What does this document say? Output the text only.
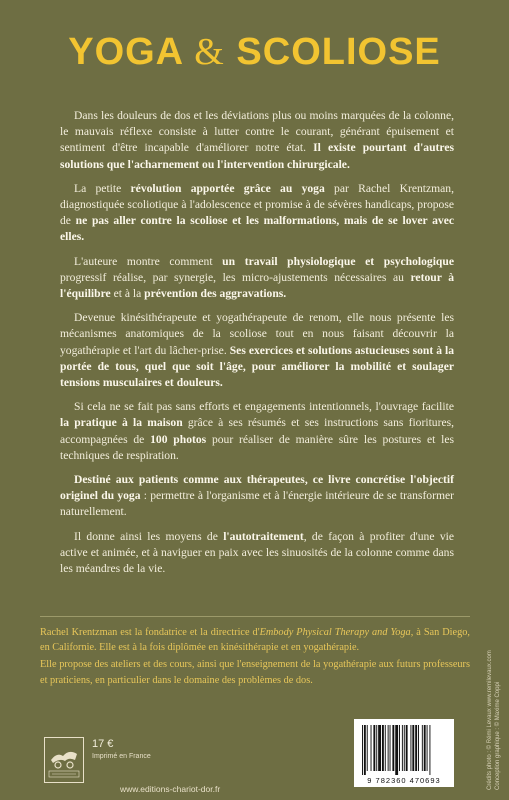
YOGA & SCOLIOSE

Dans les douleurs de dos et les déviations plus ou moins marquées de la colonne, le mauvais réflexe consiste à lutter contre le courant, générant épuisement et sentiment d'être incapable d'améliorer notre état. Il existe pourtant d'autres solutions que l'acharnement ou l'intervention chirurgicale.

La petite révolution apportée grâce au yoga par Rachel Krentzman, diagnostiquée scoliotique à l'adolescence et promise à de sévères handicaps, propose de ne pas aller contre la scoliose et les malformations, mais de se lover avec elles.

L'auteure montre comment un travail physiologique et psychologique progressif réalise, par synergie, les micro-ajustements nécessaires au retour à l'équilibre et à la prévention des aggravations.

Devenue kinésithérapeute et yogathérapeute de renom, elle nous présente les mécanismes anatomiques de la scoliose tout en nous faisant découvrir la yogathérapie et l'art du lâcher-prise. Ses exercices et solutions astucieuses sont à la portée de tous, quel que soit l'âge, pour améliorer la mobilité et soulager tensions musculaires et douleurs.

Si cela ne se fait pas sans efforts et engagements intentionnels, l'ouvrage facilite la pratique à la maison grâce à ses résumés et ses instructions sans fioritures, accompagnées de 100 photos pour réaliser de manière sûre les postures et les techniques de respiration.

Destiné aux patients comme aux thérapeutes, ce livre concrétise l'objectif originel du yoga : permettre à l'organisme et à l'énergie intérieure de se transformer naturellement.

Il donne ainsi les moyens de l'autotraitement, de façon à profiter d'une vie active et animée, et à naviguer en paix avec les sinuosités de la colonne comme dans les méandres de la vie.

Rachel Krentzman est la fondatrice et la directrice d'Embody Physical Therapy and Yoga, à San Diego, en Californie. Elle est à la fois diplômée en kinésithérapie et en yogathérapie.

Elle propose des ateliers et des cours, ainsi que l'enseignement de la yogathérapie aux futurs professeurs et praticiens, en particulier dans le domaine des problèmes de dos.

17 €
Imprimé en France
www.editions-chariot-dor.fr
9 782360 470693	Crédits photo : © Rémi Levaux www.remilevaux.com Conception graphique : © Maxime Coppi
